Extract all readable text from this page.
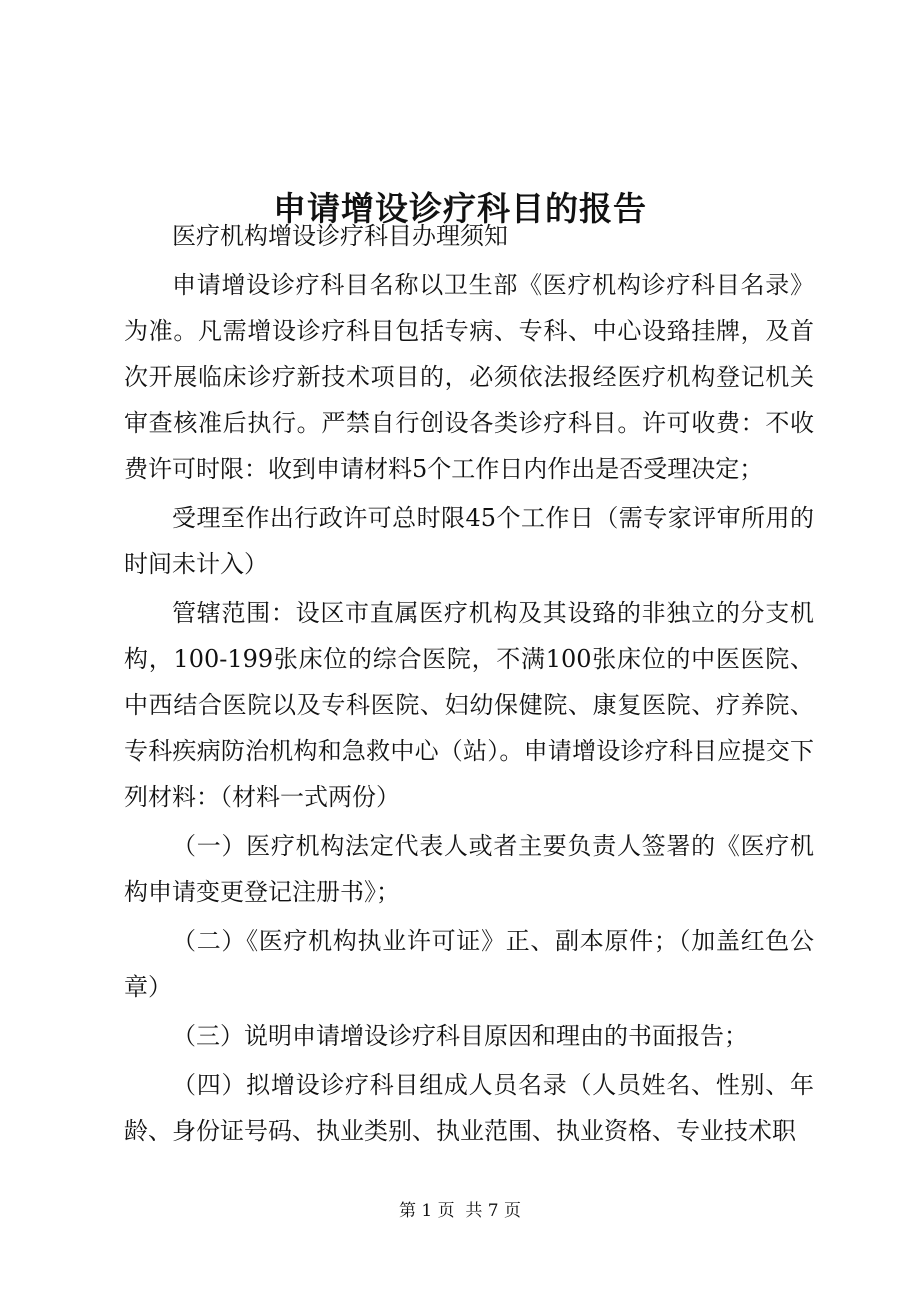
申请增设诊疗科目的报告

医疗机构增设诊疗科目办理须知

申请增设诊疗科目名称以卫生部《医疗机构诊疗科目名录》为准。凡需增设诊疗科目包括专病、专科、中心设臵挂牌，及首次开展临床诊疗新技术项目的，必须依法报经医疗机构登记机关审查核准后执行。严禁自行创设各类诊疗科目。许可收费：不收费许可时限：收到申请材料5个工作日内作出是否受理决定；

受理至作出行政许可总时限45个工作日（需专家评审所用的时间未计入）

管辖范围：设区市直属医疗机构及其设臵的非独立的分支机构，100-199张床位的综合医院，不满100张床位的中医医院、中西结合医院以及专科医院、妇幼保健院、康复医院、疗养院、专科疾病防治机构和急救中心（站）。申请增设诊疗科目应提交下列材料：（材料一式两份）

（一）医疗机构法定代表人或者主要负责人签署的《医疗机构申请变更登记注册书》；

（二）《医疗机构执业许可证》正、副本原件；（加盖红色公章）

（三）说明申请增设诊疗科目原因和理由的书面报告；

（四）拟增设诊疗科目组成人员名录（人员姓名、性别、年龄、身份证号码、执业类别、执业范围、执业资格、专业技术职

第 1 页  共 7 页
